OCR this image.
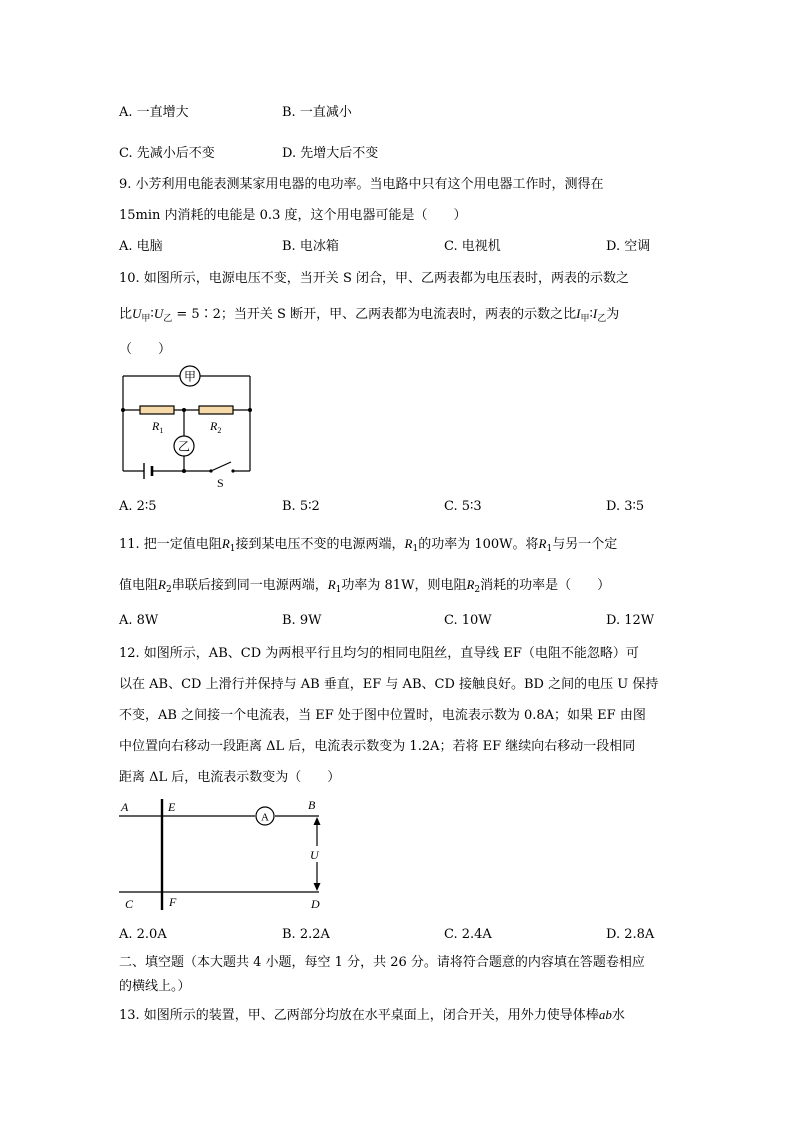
A. 一直增大	B. 一直减小
C. 先减小后不变	D. 先增大后不变
9. 小芳利用电能表测某家用电器的电功率。当电路中只有这个用电器工作时，测得在
15min 内消耗的电能是 0.3 度，这个用电器可能是（　　）
A. 电脑	B. 电冰箱	C. 电视机	D. 空调
10. 如图所示，电源电压不变，当开关 S 闭合，甲、乙两表都为电压表时，两表的示数之
比$U_甲∶U_乙$ = 5∶2；当开关 S 断开，甲、乙两表都为电流表时，两表的示数之比$I_甲∶I_乙$为
（　　）
甲
乙
$R_1$	$R_2$
S
A. 2∶5	B. 5∶2	C. 5∶3	D. 3∶5
11. 把一定值电阻$R_1$接到某电压不变的电源两端，$R_1$的功率为 100W。将$R_1$与另一个定
值电阻$R_2$串联后接到同一电源两端，$R_1$功率为 81W，则电阻$R_2$消耗的功率是（　　）
A. 8W	B. 9W	C. 10W	D. 12W
12. 如图所示，AB、CD 为两根平行且均匀的相同电阻丝，直导线 EF（电阻不能忽略）可
以在 AB、CD 上滑行并保持与 AB 垂直，EF 与 AB、CD 接触良好。BD 之间的电压 U 保持
不变，AB 之间接一个电流表，当 EF 处于图中位置时，电流表示数为 0.8A；如果 EF 由图
中位置向右移动一段距离 ΔL 后，电流表示数变为 1.2A；若将 EF 继续向右移动一段相同
距离 ΔL 后，电流表示数变为（　　）
A
A	B
C	D
E
F
U
A. 2.0A	B. 2.2A	C. 2.4A	D. 2.8A
二、填空题（本大题共 4 小题，每空 1 分，共 26 分。请将符合题意的内容填在答题卷相应
的横线上。）
13. 如图所示的装置，甲、乙两部分均放在水平桌面上，闭合开关，用外力使导体棒ab水
